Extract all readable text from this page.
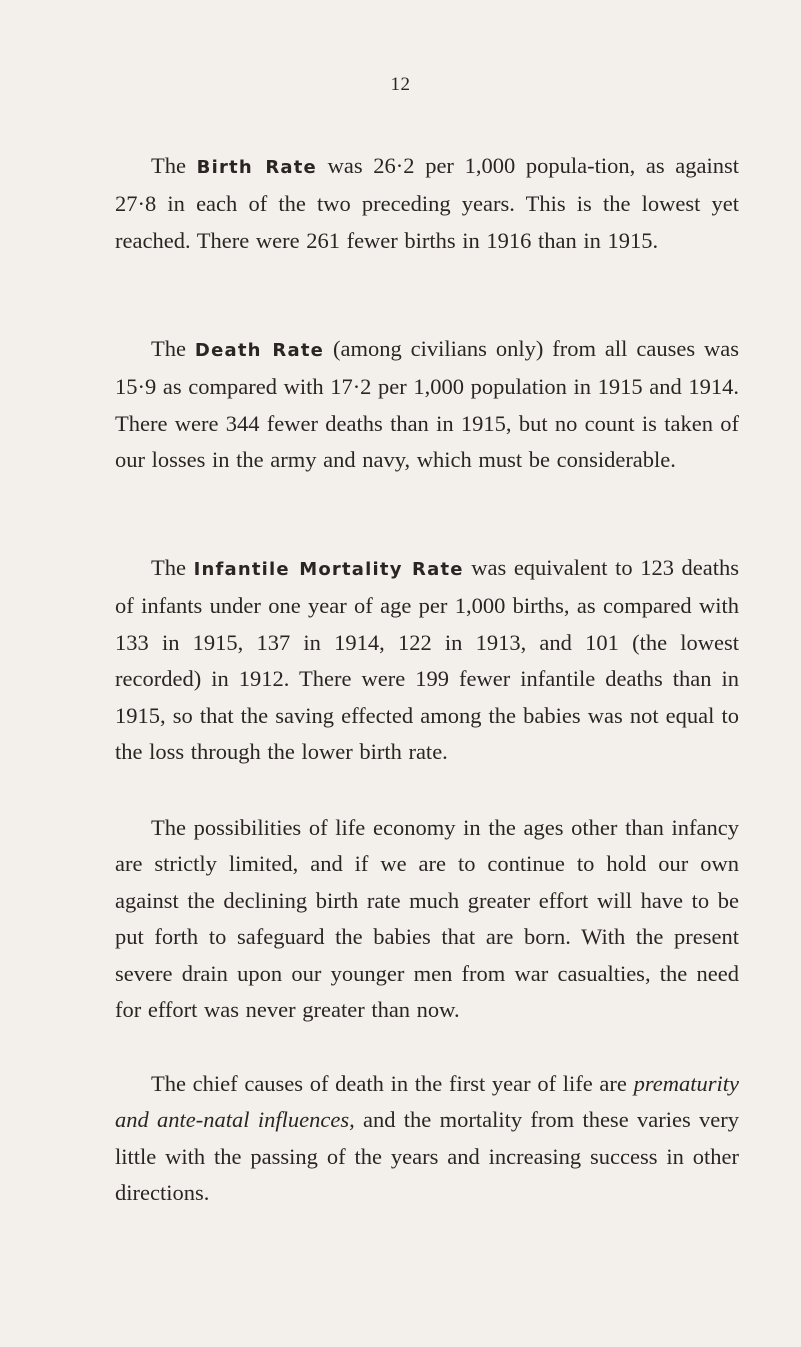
12

The Birth Rate was 26·2 per 1,000 popula-tion, as against 27·8 in each of the two preceding years. This is the lowest yet reached. There were 261 fewer births in 1916 than in 1915.

The Death Rate (among civilians only) from all causes was 15·9 as compared with 17·2 per 1,000 population in 1915 and 1914. There were 344 fewer deaths than in 1915, but no count is taken of our losses in the army and navy, which must be considerable.

The Infantile Mortality Rate was equivalent to 123 deaths of infants under one year of age per 1,000 births, as compared with 133 in 1915, 137 in 1914, 122 in 1913, and 101 (the lowest recorded) in 1912. There were 199 fewer infantile deaths than in 1915, so that the saving effected among the babies was not equal to the loss through the lower birth rate.

The possibilities of life economy in the ages other than infancy are strictly limited, and if we are to continue to hold our own against the declining birth rate much greater effort will have to be put forth to safeguard the babies that are born. With the present severe drain upon our younger men from war casualties, the need for effort was never greater than now.

The chief causes of death in the first year of life are prematurity and ante-natal influences, and the mortality from these varies very little with the passing of the years and increasing success in other directions.
